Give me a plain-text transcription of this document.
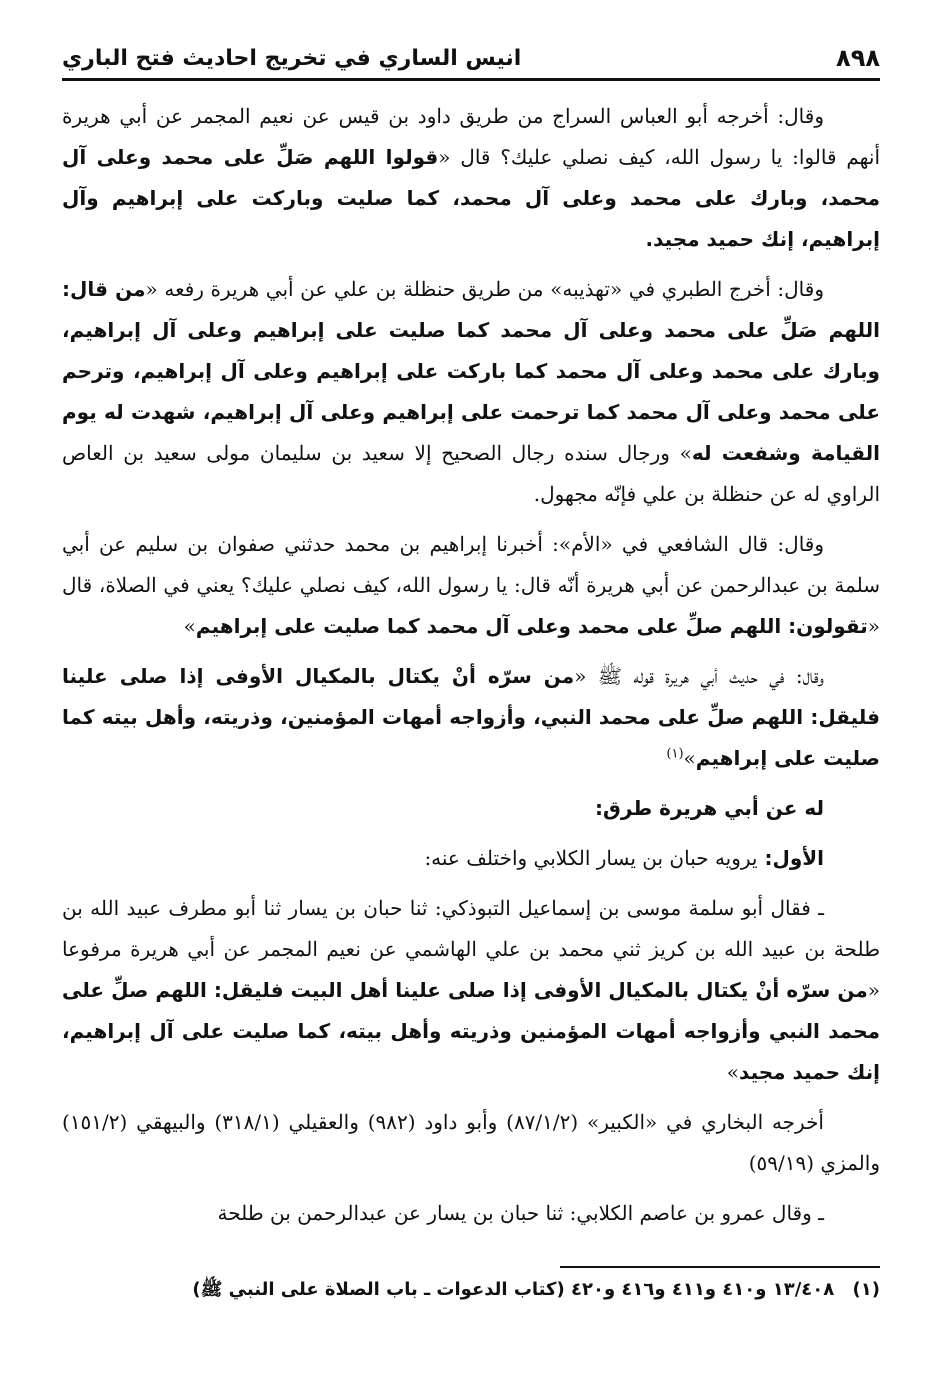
٨٩٨
انيس الساري في تخريج احاديث فتح الباري

وقال: أخرجه أبو العباس السراج من طريق داود بن قيس عن نعيم المجمر عن أبي هريرة أنهم قالوا: يا رسول الله، كيف نصلي عليك؟ قال «قولوا اللهم صَلِّ على محمد وعلى آل محمد، وبارك على محمد وعلى آل محمد، كما صليت وباركت على إبراهيم وآل إبراهيم، إنك حميد مجيد.

وقال: أخرج الطبري في «تهذيبه» من طريق حنظلة بن علي عن أبي هريرة رفعه «من قال: اللهم صَلِّ على محمد وعلى آل محمد كما صليت على إبراهيم وعلى آل إبراهيم، وبارك على محمد وعلى آل محمد كما باركت على إبراهيم وعلى آل إبراهيم، وترحم على محمد وعلى آل محمد كما ترحمت على إبراهيم وعلى آل إبراهيم، شهدت له يوم القيامة وشفعت له» ورجال سنده رجال الصحيح إلا سعيد بن سليمان مولى سعيد بن العاص الراوي له عن حنظلة بن علي فإنّه مجهول.

وقال: قال الشافعي في «الأم»: أخبرنا إبراهيم بن محمد حدثني صفوان بن سليم عن أبي سلمة بن عبدالرحمن عن أبي هريرة أنّه قال: يا رسول الله، كيف نصلي عليك؟ يعني في الصلاة، قال «تقولون: اللهم صلِّ على محمد وعلى آل محمد كما صليت على إبراهيم»

وقال: في حديث أبي هريرة قوله ﷺ «من سرّه أنْ يكتال بالمكيال الأوفى إذا صلى علينا فليقل: اللهم صلِّ على محمد النبي، وأزواجه أمهات المؤمنين، وذريته، وأهل بيته كما صليت على إبراهيم»$^{(١)}$

له عن أبي هريرة طرق:

الأول: يرويه حبان بن يسار الكلابي واختلف عنه:

ـ فقال أبو سلمة موسى بن إسماعيل التبوذكي: ثنا حبان بن يسار ثنا أبو مطرف عبيد الله بن طلحة بن عبيد الله بن كريز ثني محمد بن علي الهاشمي عن نعيم المجمر عن أبي هريرة مرفوعا «من سرّه أنْ يكتال بالمكيال الأوفى إذا صلى علينا أهل البيت فليقل: اللهم صلِّ على محمد النبي وأزواجه أمهات المؤمنين وذريته وأهل بيته، كما صليت على آل إبراهيم، إنك حميد مجيد»

أخرجه البخاري في «الكبير» (٨٧/١/٢) وأبو داود (٩٨٢) والعقيلي (٣١٨/١) والبيهقي (١٥١/٢) والمزي (٥٩/١٩)

ـ وقال عمرو بن عاصم الكلابي: ثنا حبان بن يسار عن عبدالرحمن بن طلحة

(١) ١٣/٤٠٨ و٤١٠ و٤١١ و٤١٦ و٤٢٠ (كتاب الدعوات ـ باب الصلاة على النبي ﷺ)
